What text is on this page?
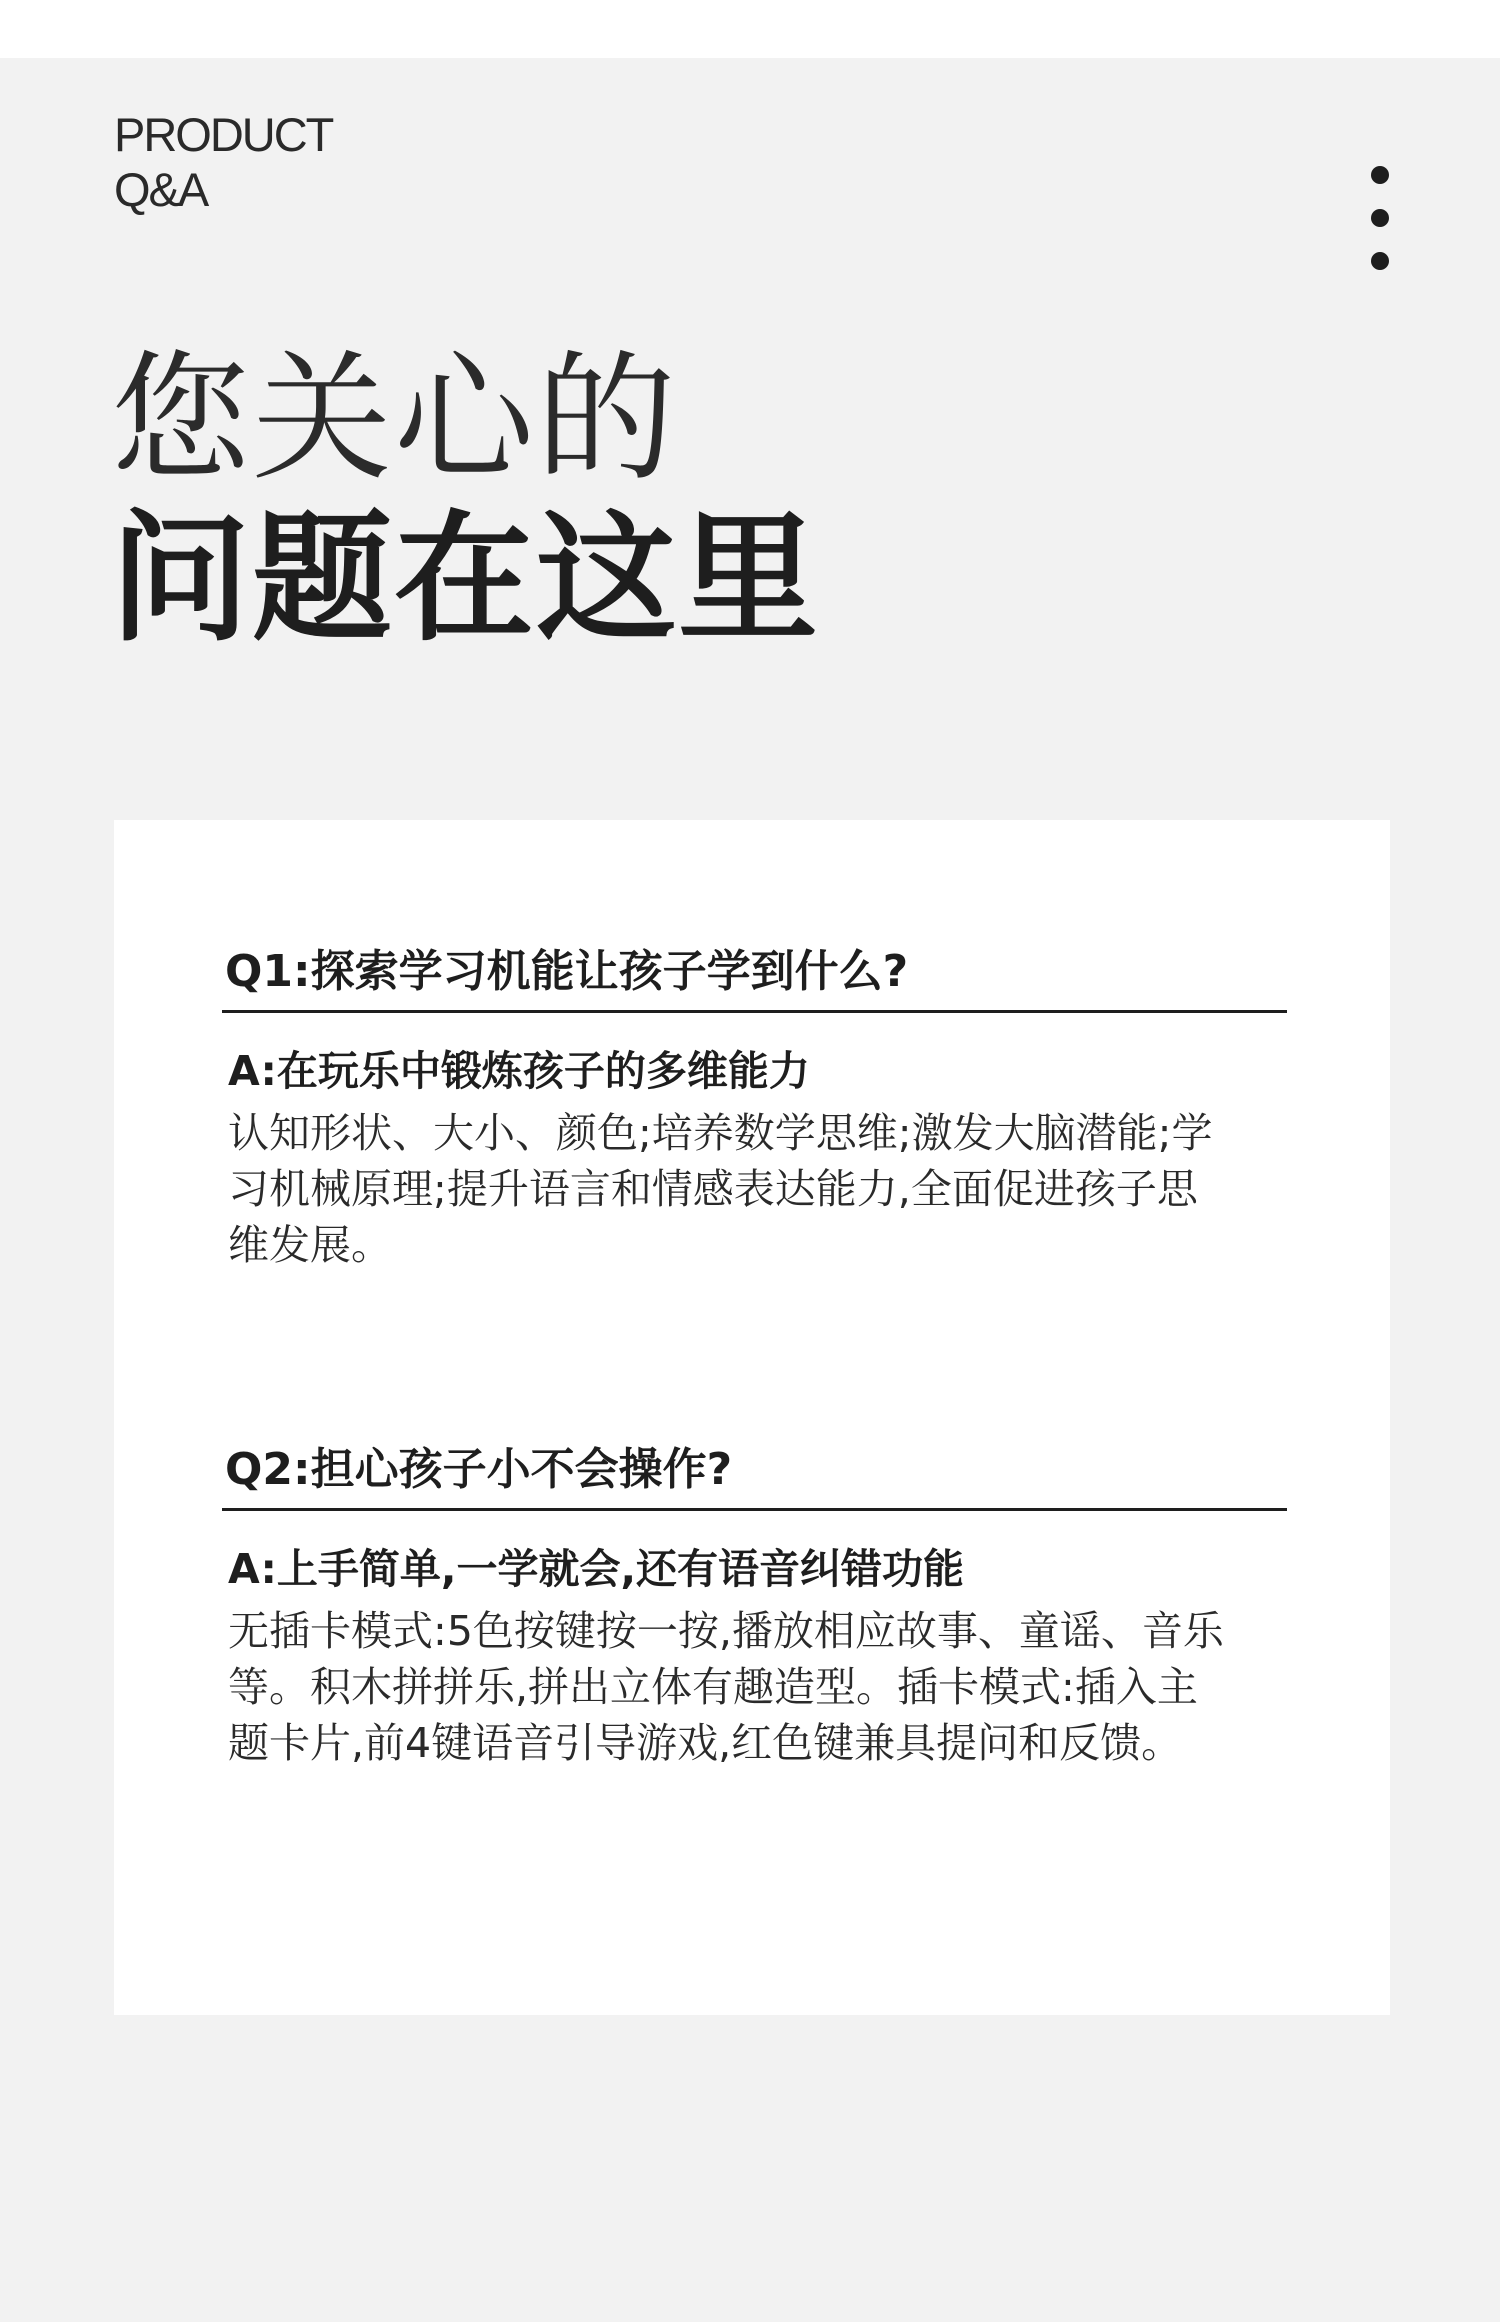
PRODUCT
Q&A
您关心的
问题在这里
Q1:探索学习机能让孩子学到什么?
A:在玩乐中锻炼孩子的多维能力
认知形状、大小、颜色;培养数学思维;激发大脑潜能;学习机械原理;提升语言和情感表达能力,全面促进孩子思维发展。
Q2:担心孩子小不会操作?
A:上手简单,一学就会,还有语音纠错功能
无插卡模式:5色按键按一按,播放相应故事、童谣、音乐等。积木拼拼乐,拼出立体有趣造型。插卡模式:插入主题卡片,前4键语音引导游戏,红色键兼具提问和反馈。
